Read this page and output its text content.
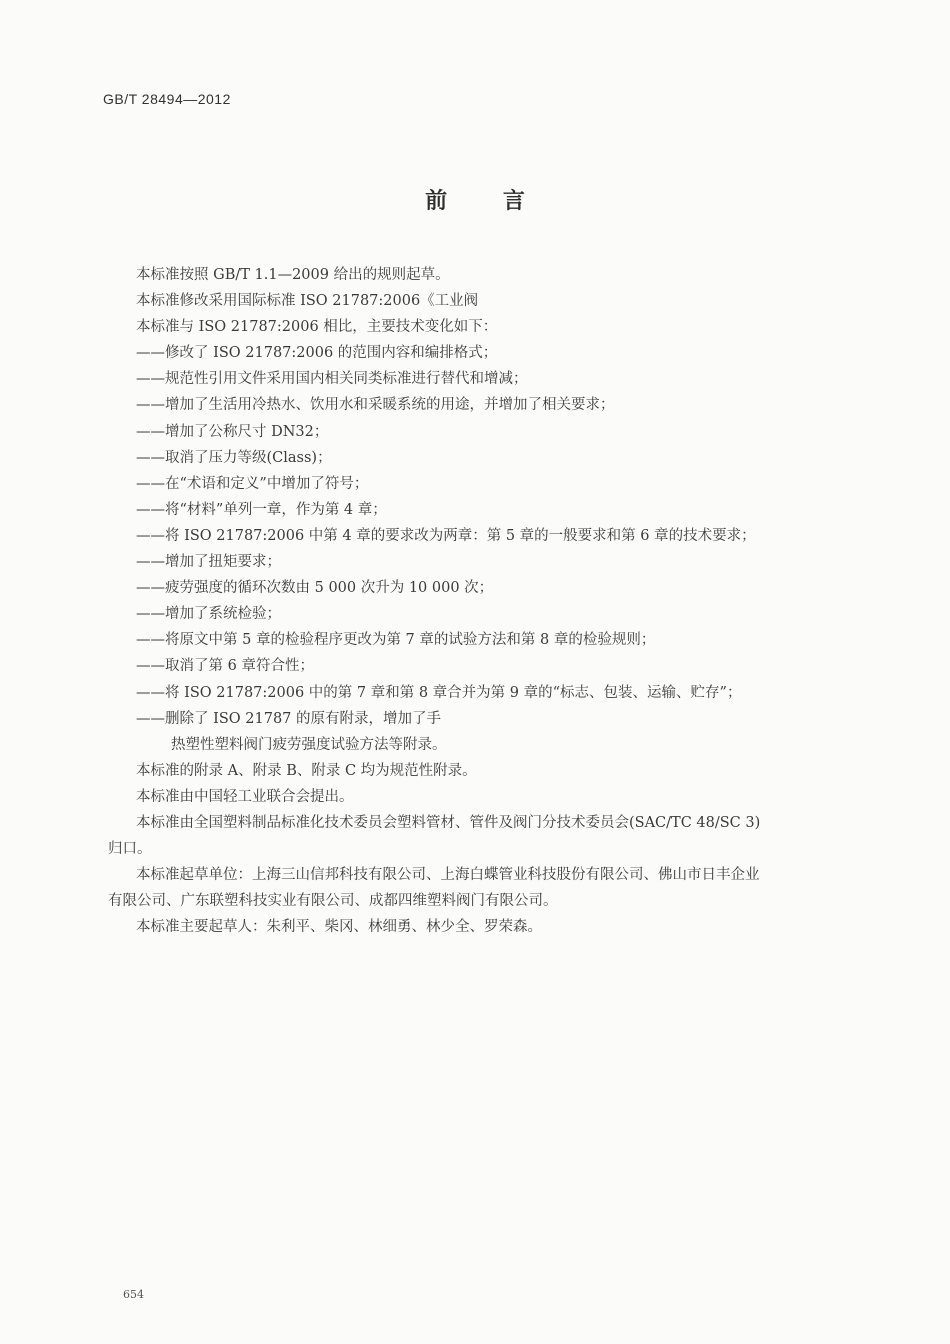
GB/T 28494—2012
前	言
本标准按照 GB/T 1.1—2009 给出的规则起草。
本标准修改采用国际标准 ISO 21787:2006《工业阀
本标准与 ISO 21787:2006 相比，主要技术变化如下：
——修改了 ISO 21787:2006 的范围内容和编排格式；
——规范性引用文件采用国内相关同类标准进行替代和增减；
——增加了生活用冷热水、饮用水和采暖系统的用途，并增加了相关要求；
——增加了公称尺寸 DN32；
——取消了压力等级(Class)；
——在“术语和定义”中增加了符号；
——将“材料”单列一章，作为第 4 章；
——将 ISO 21787:2006 中第 4 章的要求改为两章：第 5 章的一般要求和第 6 章的技术要求；
——增加了扭矩要求；
——疲劳强度的循环次数由 5 000 次升为 10 000 次；
——增加了系统检验；
——将原文中第 5 章的检验程序更改为第 7 章的试验方法和第 8 章的检验规则；
——取消了第 6 章符合性；
——将 ISO 21787:2006 中的第 7 章和第 8 章合并为第 9 章的“标志、包装、运输、贮存”；
——删除了 ISO 21787 的原有附录，增加了手
热塑性塑料阀门疲劳强度试验方法等附录。
本标准的附录 A、附录 B、附录 C 均为规范性附录。
本标准由中国轻工业联合会提出。
本标准由全国塑料制品标准化技术委员会塑料管材、管件及阀门分技术委员会(SAC/TC 48/SC 3)
归口。
本标准起草单位：上海三山信邦科技有限公司、上海白蝶管业科技股份有限公司、佛山市日丰企业
有限公司、广东联塑科技实业有限公司、成都四维塑料阀门有限公司。
本标准主要起草人：朱利平、柴冈、林细勇、林少全、罗荣森。
654
